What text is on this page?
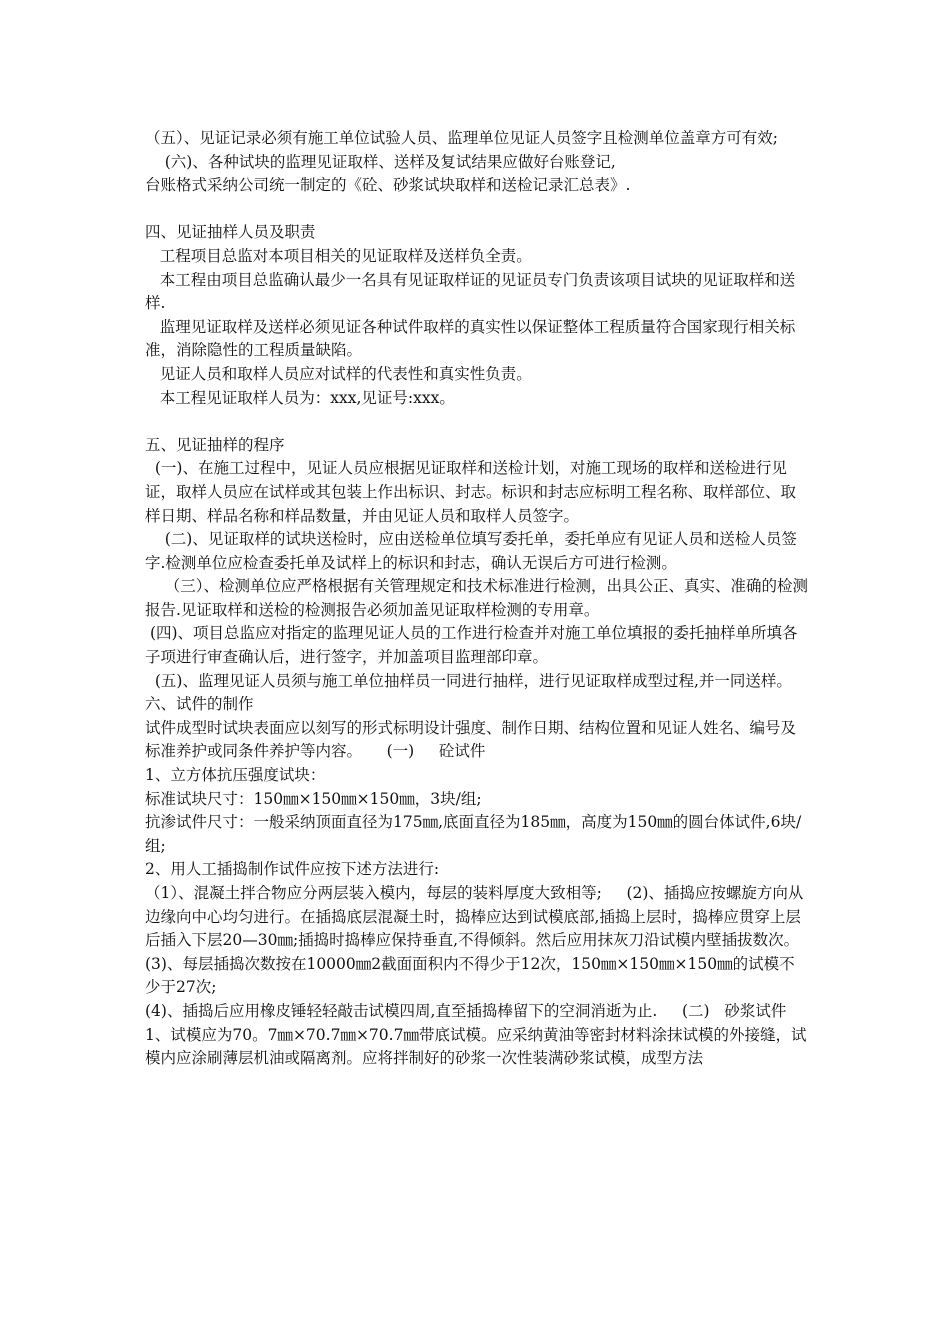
（五）、见证记录必须有施工单位试验人员、监理单位见证人员签字且检测单位盖章方可有效;

(六)、各种试块的监理见证取样、送样及复试结果应做好台账登记,

台账格式采纳公司统一制定的《砼、砂浆试块取样和送检记录汇总表》.

四、见证抽样人员及职责

工程项目总监对本项目相关的见证取样及送样负全责。

本工程由项目总监确认最少一名具有见证取样证的见证员专门负责该项目试块的见证取样和送样.

监理见证取样及送样必须见证各种试件取样的真实性以保证整体工程质量符合国家现行相关标准，消除隐性的工程质量缺陷。

见证人员和取样人员应对试样的代表性和真实性负责。

本工程见证取样人员为：xxx,见证号:xxx。

五、见证抽样的程序

(一)、在施工过程中，见证人员应根据见证取样和送检计划，对施工现场的取样和送检进行见证，取样人员应在试样或其包装上作出标识、封志。标识和封志应标明工程名称、取样部位、取样日期、样品名称和样品数量，并由见证人员和取样人员签字。

(二)、见证取样的试块送检时，应由送检单位填写委托单，委托单应有见证人员和送检人员签字.检测单位应检查委托单及试样上的标识和封志，确认无误后方可进行检测。

（三）、检测单位应严格根据有关管理规定和技术标准进行检测，出具公正、真实、准确的检测报告.见证取样和送检的检测报告必须加盖见证取样检测的专用章。

(四)、项目总监应对指定的监理见证人员的工作进行检查并对施工单位填报的委托抽样单所填各子项进行审查确认后，进行签字，并加盖项目监理部印章。

(五)、监理见证人员须与施工单位抽样员一同进行抽样，进行见证取样成型过程,并一同送样。

六、试件的制作

试件成型时试块表面应以刻写的形式标明设计强度、制作日期、结构位置和见证人姓名、编号及标准养护或同条件养护等内容。     (一)     砼试件

1、立方体抗压强度试块：

标准试块尺寸：150㎜×150㎜×150㎜，3块/组;

抗渗试件尺寸：一般采纳顶面直径为175㎜,底面直径为185㎜，高度为150㎜的圆台体试件,6块/组;

2、用人工插捣制作试件应按下述方法进行:

（1）、混凝土拌合物应分两层装入模内，每层的装料厚度大致相等;     (2)、插捣应按螺旋方向从边缘向中心均匀进行。在插捣底层混凝土时，捣棒应达到试模底部,插捣上层时，捣棒应贯穿上层后插入下层20—30㎜;插捣时捣棒应保持垂直,不得倾斜。然后应用抹灰刀沿试模内壁插拔数次。

(3)、每层插捣次数按在10000㎜2截面面积内不得少于12次，150㎜×150㎜×150㎜的试模不少于27次;

(4)、插捣后应用橡皮锤轻轻敲击试模四周,直至插捣棒留下的空洞消逝为止.     (二)   砂浆试件

1、试模应为70。7㎜×70.7㎜×70.7㎜带底试模。应采纳黄油等密封材料涂抹试模的外接缝，试模内应涂刷薄层机油或隔离剂。应将拌制好的砂浆一次性装满砂浆试模，成型方法
